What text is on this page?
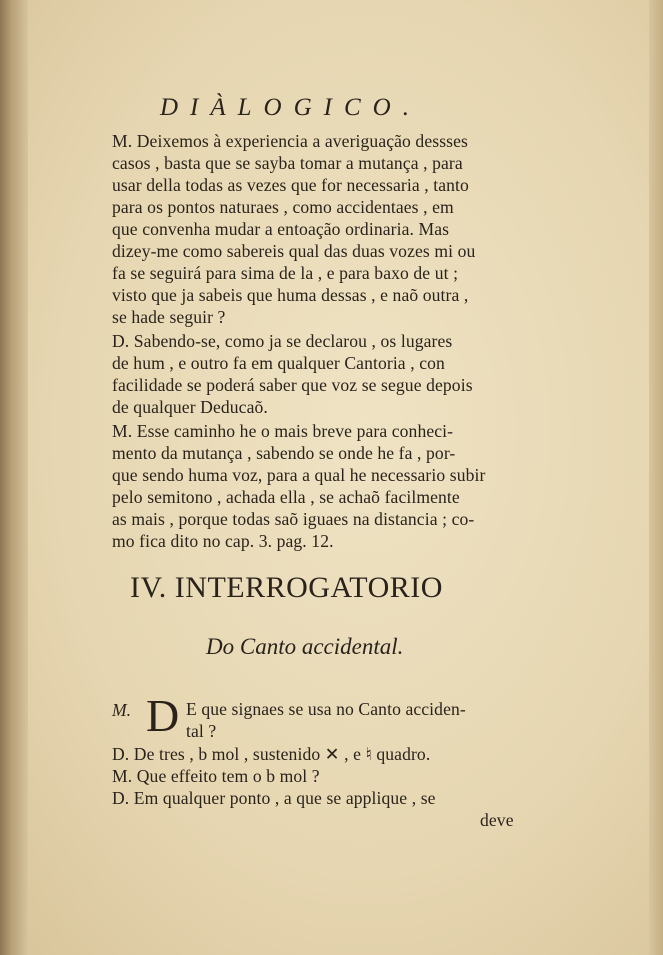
DIÀLOGICO.
M. Deixemos à experiencia a averiguação dessses
casos , basta que se sayba tomar a mutança , para
usar della todas as vezes que for necessaria , tanto
para os pontos naturaes , como accidentaes , em
que convenha mudar a entoação ordinaria. Mas
dizey-me como sabereis qual das duas vozes mi ou
fa se seguirá para sima de la , e para baxo de ut ;
visto que ja sabeis que huma dessas , e naõ outra ,
se hade seguir ?
D. Sabendo-se, como ja se declarou , os lugares
de hum , e outro fa em qualquer Cantoria , con
facilidade se poderá saber que voz se segue depois
de qualquer Deducaõ.
M. Esse caminho he o mais breve para conheci-
mento da mutança , sabendo se onde he fa , por-
que sendo huma voz, para a qual he necessario subir
pelo semitono , achada ella , se achaõ facilmente
as mais , porque todas saõ iguaes na distancia ; co-
mo fica dito no cap. 3. pag. 12.
IV. INTERROGATORIO
Do Canto accidental.
M. D E que signaes se usa no Canto acciden-
tal ?
D. De tres , b mol , sustenido ✕ , e ♮ quadro.
M. Que effeito tem o b mol ?
D. Em qualquer ponto , a que se applique , se
deve
